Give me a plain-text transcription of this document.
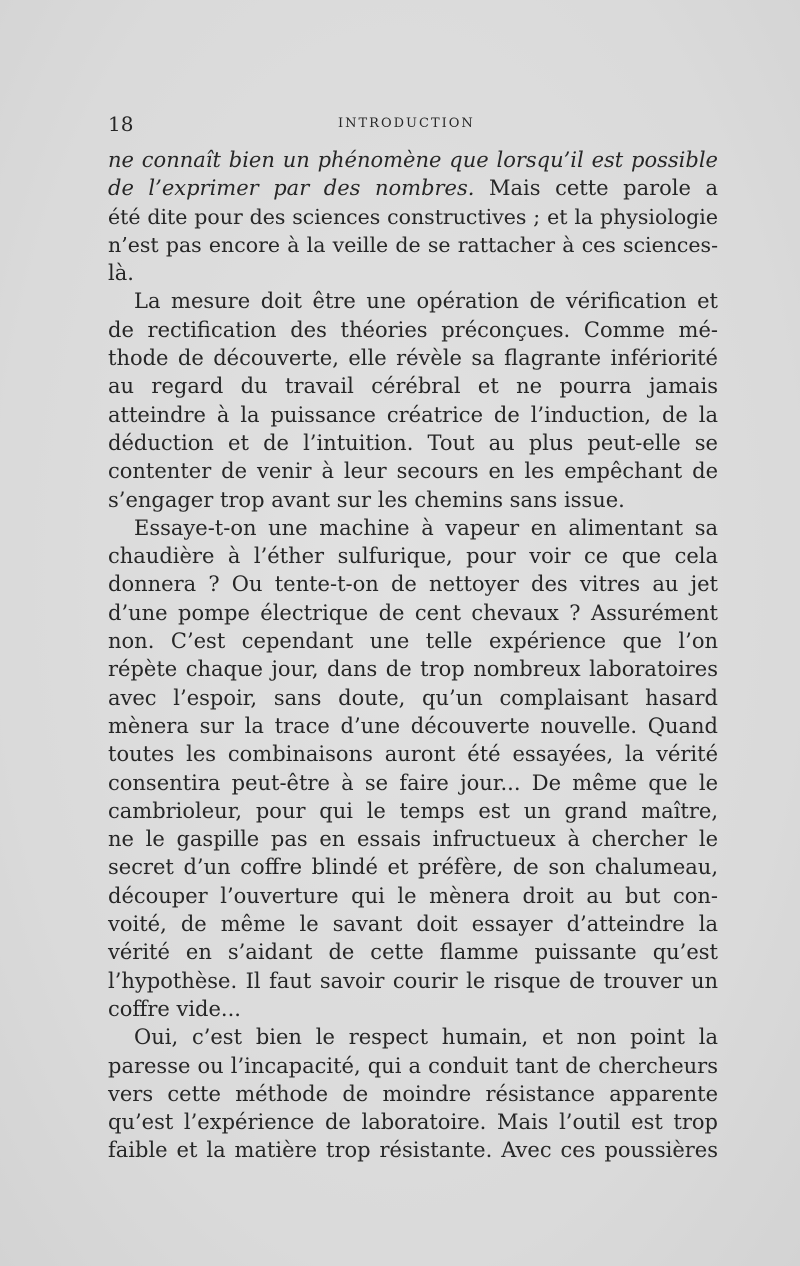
18	INTRODUCTION
ne connaît bien un phénomène que lorsqu’il est possible
de l’exprimer par des nombres. Mais cette parole a
été dite pour des sciences constructives ; et la physiologie
n’est pas encore à la veille de se rattacher à ces sciences-
là.
La mesure doit être une opération de vérification et
de rectification des théories préconçues. Comme mé-
thode de découverte, elle révèle sa flagrante infériorité
au regard du travail cérébral et ne pourra jamais
atteindre à la puissance créatrice de l’induction, de la
déduction et de l’intuition. Tout au plus peut-elle se
contenter de venir à leur secours en les empêchant de
s’engager trop avant sur les chemins sans issue.
Essaye-t-on une machine à vapeur en alimentant sa
chaudière à l’éther sulfurique, pour voir ce que cela
donnera ? Ou tente-t-on de nettoyer des vitres au jet
d’une pompe électrique de cent chevaux ? Assurément
non. C’est cependant une telle expérience que l’on
répète chaque jour, dans de trop nombreux laboratoires
avec l’espoir, sans doute, qu’un complaisant hasard
mènera sur la trace d’une découverte nouvelle. Quand
toutes les combinaisons auront été essayées, la vérité
consentira peut-être à se faire jour... De même que le
cambrioleur, pour qui le temps est un grand maître,
ne le gaspille pas en essais infructueux à chercher le
secret d’un coffre blindé et préfère, de son chalumeau,
découper l’ouverture qui le mènera droit au but con-
voité, de même le savant doit essayer d’atteindre la
vérité en s’aidant de cette flamme puissante qu’est
l’hypothèse. Il faut savoir courir le risque de trouver un
coffre vide...
Oui, c’est bien le respect humain, et non point la
paresse ou l’incapacité, qui a conduit tant de chercheurs
vers cette méthode de moindre résistance apparente
qu’est l’expérience de laboratoire. Mais l’outil est trop
faible et la matière trop résistante. Avec ces poussières
